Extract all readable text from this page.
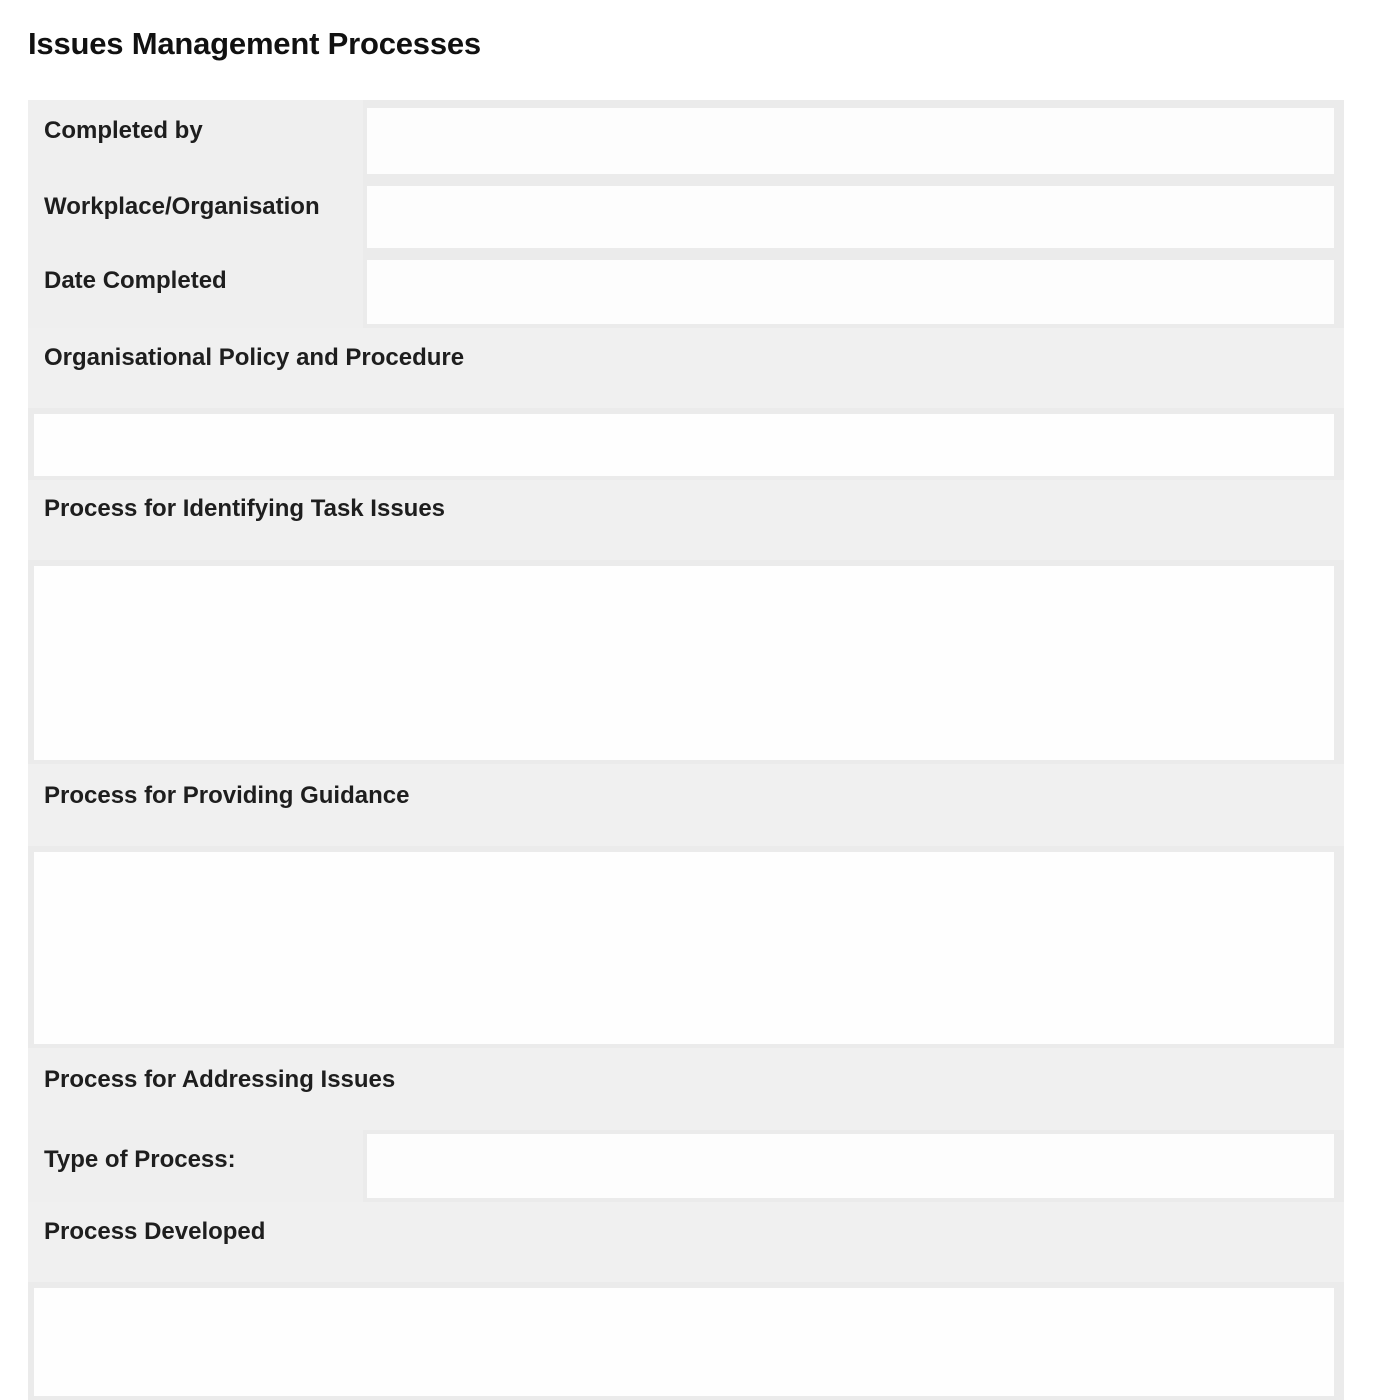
Issues Management Processes
Completed by
Workplace/Organisation
Date Completed
Organisational Policy and Procedure
Process for Identifying Task Issues
Process for Providing Guidance
Process for Addressing Issues
Type of Process:
Process Developed
